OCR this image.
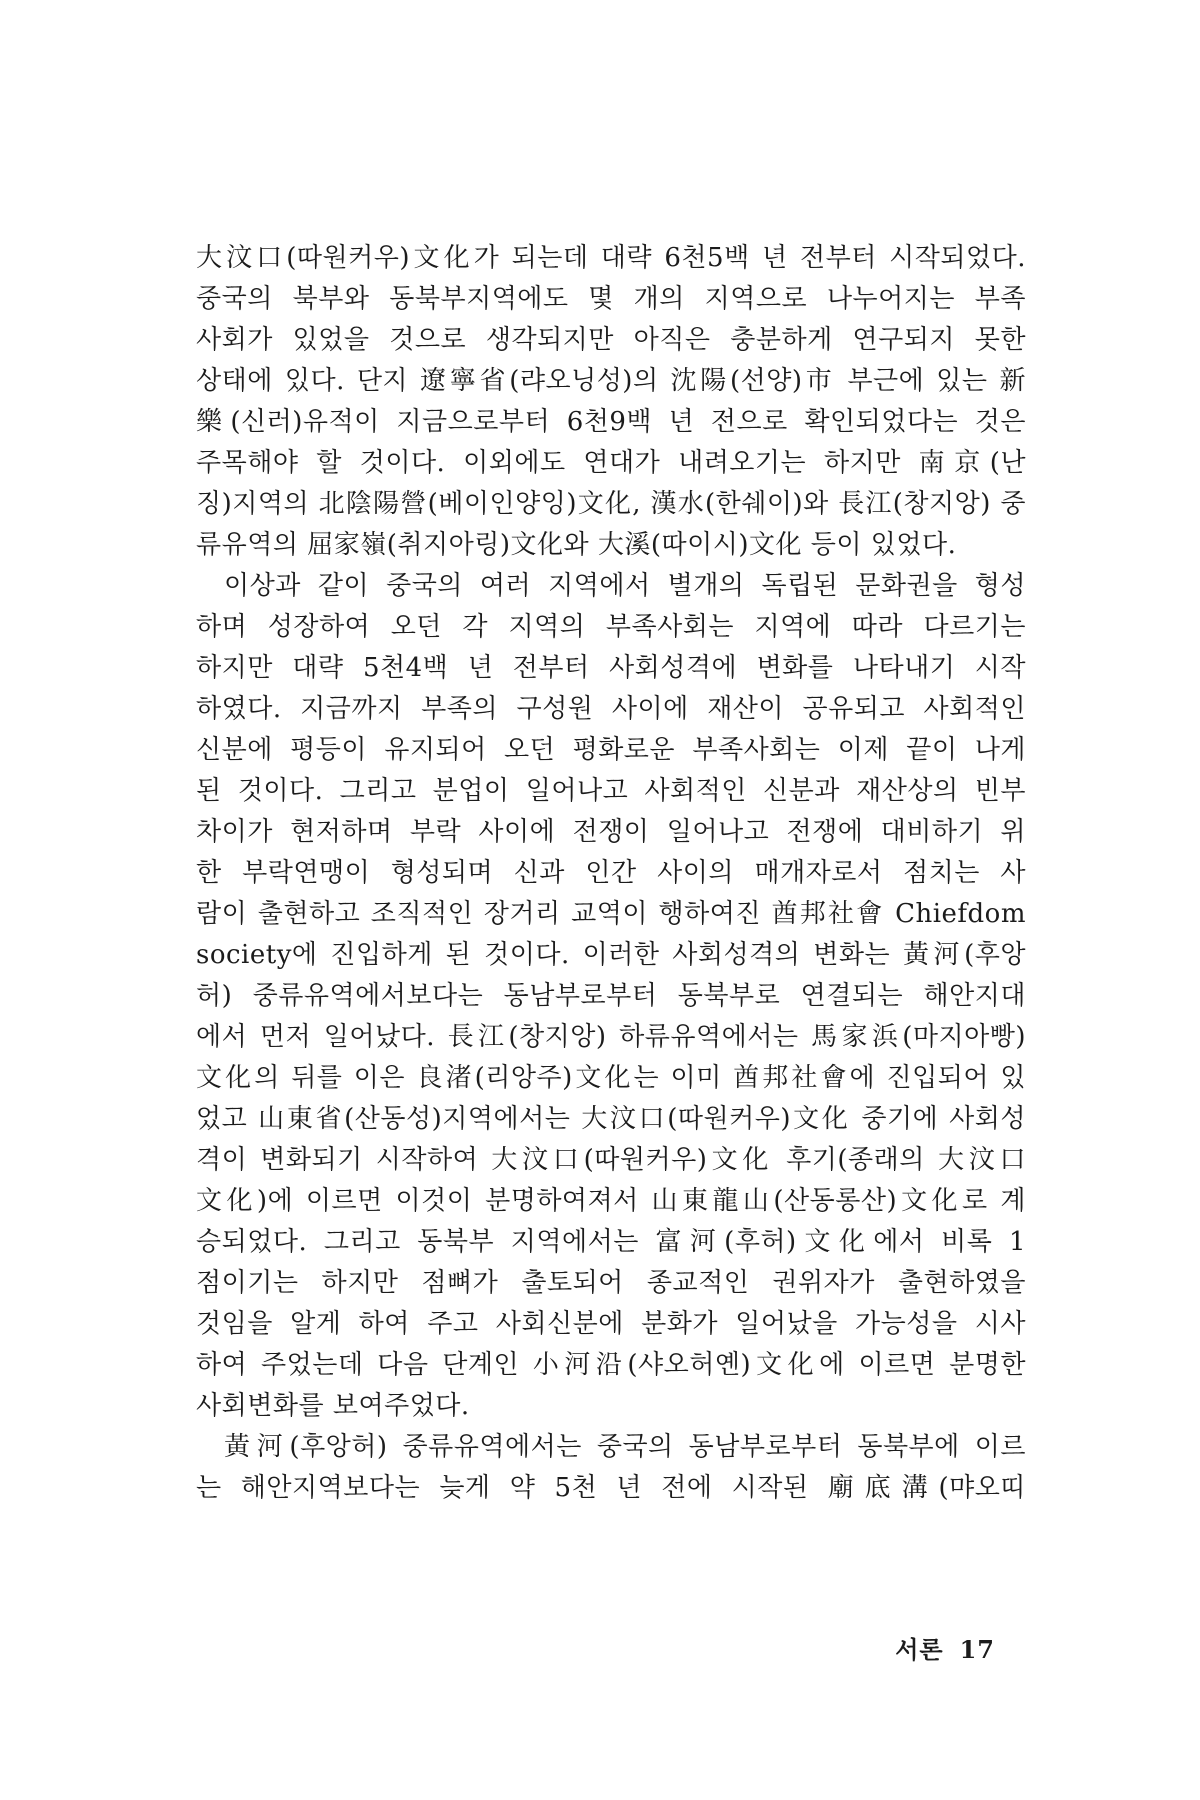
大汶口(따원커우)文化가 되는데 대략 6천5백 년 전부터 시작되었다.
중국의 북부와 동북부지역에도 몇 개의 지역으로 나누어지는 부족
사회가 있었을 것으로 생각되지만 아직은 충분하게 연구되지 못한
상태에 있다. 단지 遼寧省(랴오닝성)의 沈陽(선양)市 부근에 있는 新
樂(신러)유적이 지금으로부터 6천9백 년 전으로 확인되었다는 것은
주목해야 할 것이다. 이외에도 연대가 내려오기는 하지만 南京(난
징)지역의 北陰陽營(베이인양잉)文化, 漢水(한쉐이)와 長江(창지앙) 중
류유역의 屈家嶺(취지아링)文化와 大溪(따이시)文化 등이 있었다.
이상과 같이 중국의 여러 지역에서 별개의 독립된 문화권을 형성
하며 성장하여 오던 각 지역의 부족사회는 지역에 따라 다르기는
하지만 대략 5천4백 년 전부터 사회성격에 변화를 나타내기 시작
하였다. 지금까지 부족의 구성원 사이에 재산이 공유되고 사회적인
신분에 평등이 유지되어 오던 평화로운 부족사회는 이제 끝이 나게
된 것이다. 그리고 분업이 일어나고 사회적인 신분과 재산상의 빈부
차이가 현저하며 부락 사이에 전쟁이 일어나고 전쟁에 대비하기 위
한 부락연맹이 형성되며 신과 인간 사이의 매개자로서 점치는 사
람이 출현하고 조직적인 장거리 교역이 행하여진 酋邦社會 Chiefdom
society에 진입하게 된 것이다. 이러한 사회성격의 변화는 黃河(후앙
허) 중류유역에서보다는 동남부로부터 동북부로 연결되는 해안지대
에서 먼저 일어났다. 長江(창지앙) 하류유역에서는 馬家浜(마지아빵)
文化의 뒤를 이은 良渚(리앙주)文化는 이미 酋邦社會에 진입되어 있
었고 山東省(산동성)지역에서는 大汶口(따원커우)文化 중기에 사회성
격이 변화되기 시작하여 大汶口(따원커우)文化 후기(종래의 大汶口
文化)에 이르면 이것이 분명하여져서 山東龍山(산동롱산)文化로 계
승되었다. 그리고 동북부 지역에서는 富河(후허)文化에서 비록 1
점이기는 하지만 점뼈가 출토되어 종교적인 권위자가 출현하였을
것임을 알게 하여 주고 사회신분에 분화가 일어났을 가능성을 시사
하여 주었는데 다음 단계인 小河沿(샤오허옌)文化에 이르면 분명한
사회변화를 보여주었다.
黃河(후앙허) 중류유역에서는 중국의 동남부로부터 동북부에 이르
는 해안지역보다는 늦게 약 5천 년 전에 시작된 廟底溝(먀오띠
서론 17
